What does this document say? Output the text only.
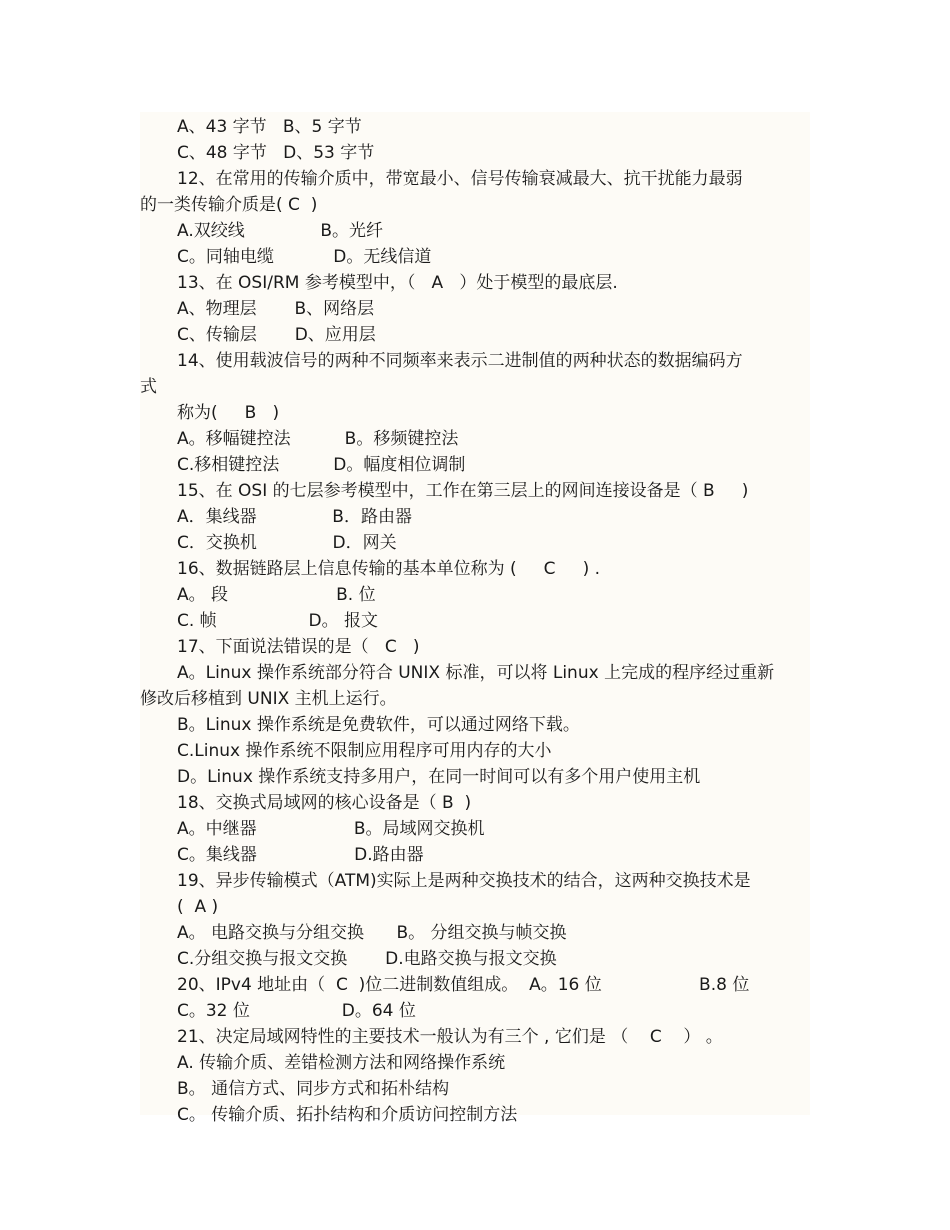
A、43 字节   B、5 字节
C、48 字节   D、53 字节
12、在常用的传输介质中，带宽最小、信号传输衰减最大、抗干扰能力最弱
的一类传输介质是( C  )
A.双绞线              B。光纤
C。同轴电缆           D。无线信道
13、在 OSI/RM 参考模型中，（   A   ）处于模型的最底层.
A、物理层       B、网络层
C、传输层       D、应用层
14、使用载波信号的两种不同频率来表示二进制值的两种状态的数据编码方
式
称为(     B   )
A。移幅键控法          B。移频键控法
C.移相键控法          D。幅度相位调制
15、在 OSI 的七层参考模型中，工作在第三层上的网间连接设备是（ B     )
A．集线器              B．路由器
C．交换机              D．网关
16、数据链路层上信息传输的基本单位称为 (     C     ) .
A。 段                    B. 位
C. 帧                 D。 报文
17、下面说法错误的是（   C   )
A。Linux 操作系统部分符合 UNIX 标准，可以将 Linux 上完成的程序经过重新
修改后移植到 UNIX 主机上运行。
B。Linux 操作系统是免费软件，可以通过网络下载。
C.Linux 操作系统不限制应用程序可用内存的大小
D。Linux 操作系统支持多用户，在同一时间可以有多个用户使用主机
18、交换式局域网的核心设备是（ B  )
A。中继器                  B。局域网交换机
C。集线器                  D.路由器
19、异步传输模式（ATM)实际上是两种交换技术的结合，这两种交换技术是
(  A )
A。 电路交换与分组交换      B。 分组交换与帧交换
C.分组交换与报文交换       D.电路交换与报文交换
20、IPv4 地址由（  C  )位二进制数值组成。  A。16 位                  B.8 位
C。32 位                 D。64 位
21、决定局域网特性的主要技术一般认为有三个 , 它们是 （    C    ） 。
A. 传输介质、差错检测方法和网络操作系统
B。 通信方式、同步方式和拓朴结构
C。 传输介质、拓扑结构和介质访问控制方法
